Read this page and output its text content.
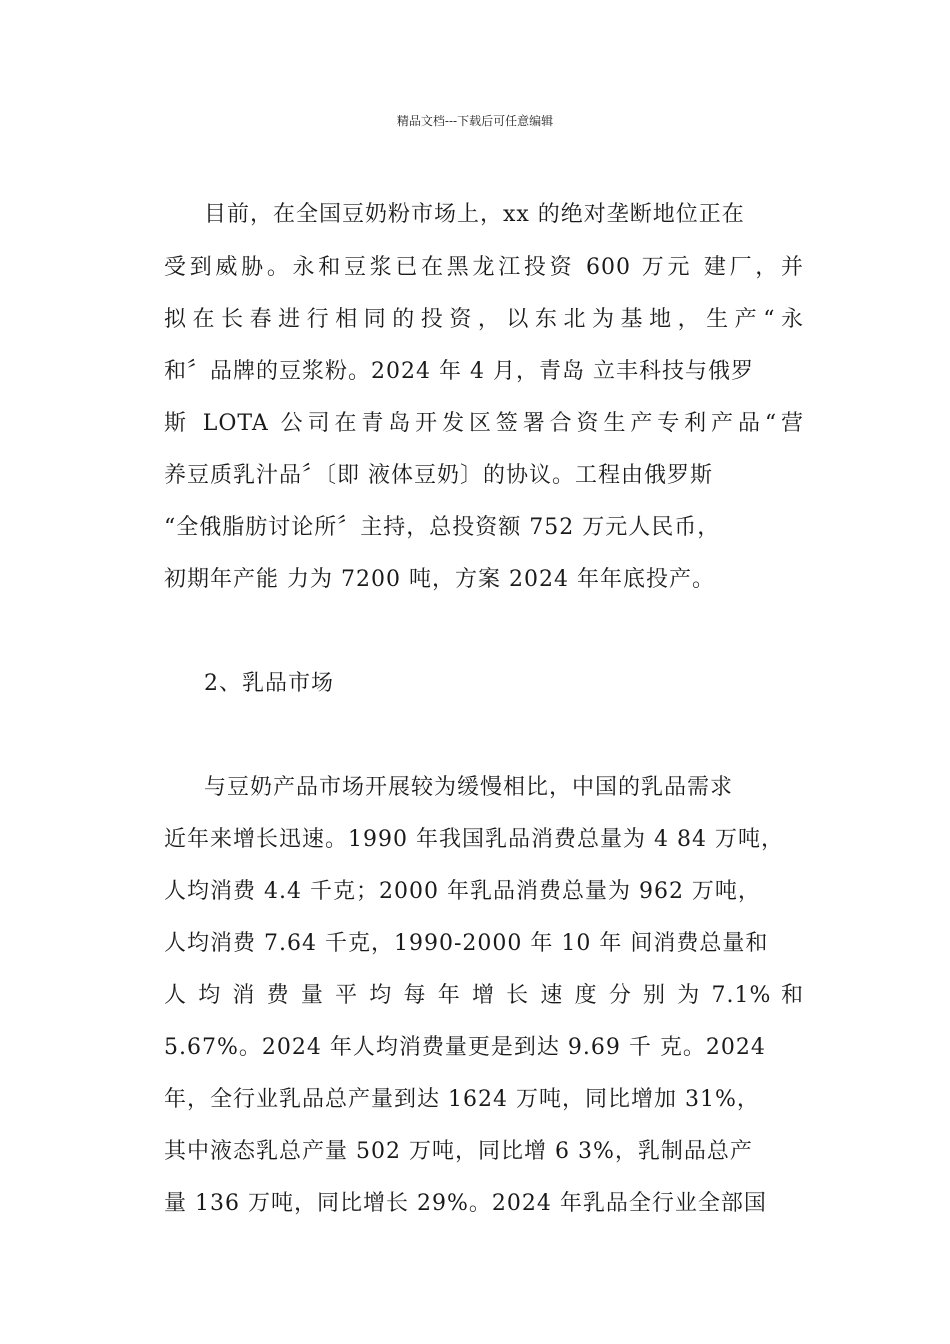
精品文档---下载后可任意编辑
目前，在全国豆奶粉市场上，xx 的绝对垄断地位正在
受到威胁。永和豆浆已在黑龙江投资 600 万元 建厂，并
拟在长春进行相同的投资，以东北为基地，生产“永
和〞品牌的豆浆粉。2024 年 4 月，青岛 立丰科技与俄罗
斯 LOTA 公司在青岛开发区签署合资生产专利产品“营
养豆质乳汁品〞〔即 液体豆奶〕的协议。工程由俄罗斯
“全俄脂肪讨论所〞主持，总投资额 752 万元人民币，
初期年产能 力为 7200 吨，方案 2024 年年底投产。
2、乳品市场
与豆奶产品市场开展较为缓慢相比，中国的乳品需求
近年来增长迅速。1990 年我国乳品消费总量为 4 84 万吨，
人均消费 4.4 千克；2000 年乳品消费总量为 962 万吨，
人均消费 7.64 千克，1990-2000 年 10 年 间消费总量和
人 均 消 费 量 平 均 每 年 增 长 速 度 分 别 为 7.1% 和
5.67%。2024 年人均消费量更是到达 9.69 千 克。2024
年，全行业乳品总产量到达 1624 万吨，同比增加 31%，
其中液态乳总产量 502 万吨，同比增 6 3%，乳制品总产
量 136 万吨，同比增长 29%。2024 年乳品全行业全部国
